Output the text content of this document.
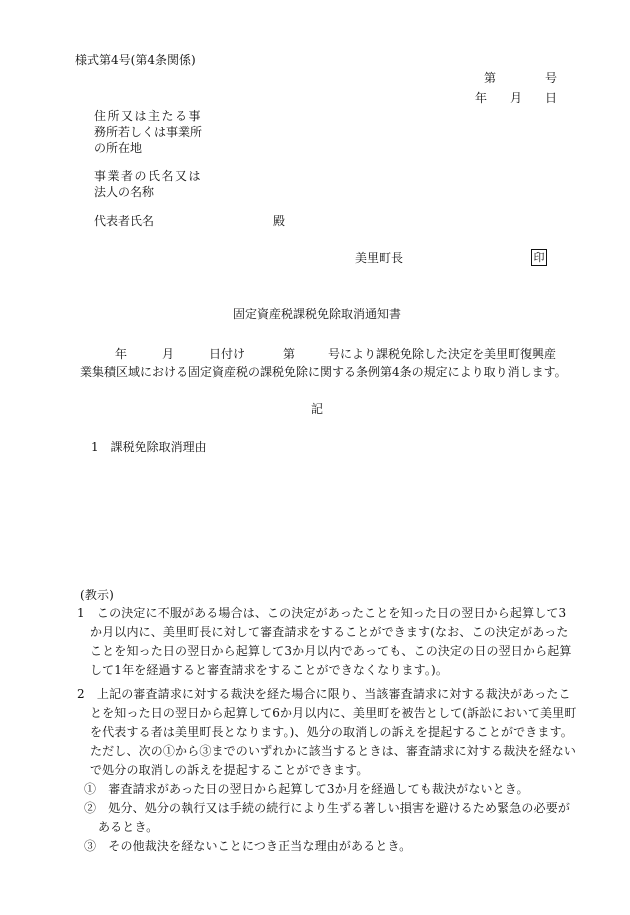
様式第4号(第4条関係)
第	号
年 月 日
住所又は主たる事
務所若しくは事業所
の所在地
事業者の氏名又は
法人の名称
代表者氏名	殿
美里町長	印
固定資産税課税免除取消通知書
年	月	日付け	第	号により課税免除した決定を美里町復興産
業集積区域における固定資産税の課税免除に関する条例第4条の規定により取り消します。
記
1　課税免除取消理由
(教示)
1　この決定に不服がある場合は、この決定があったことを知った日の翌日から起算して3
か月以内に、美里町長に対して審査請求をすることができます(なお、この決定があった
ことを知った日の翌日から起算して3か月以内であっても、この決定の日の翌日から起算
して1年を経過すると審査請求をすることができなくなります。)。
2　上記の審査請求に対する裁決を経た場合に限り、当該審査請求に対する裁決があったこ
とを知った日の翌日から起算して6か月以内に、美里町を被告として(訴訟において美里町
を代表する者は美里町長となります。)、処分の取消しの訴えを提起することができます。
ただし、次の①から③までのいずれかに該当するときは、審査請求に対する裁決を経ない
で処分の取消しの訴えを提起することができます。
①　審査請求があった日の翌日から起算して3か月を経過しても裁決がないとき。
②　処分、処分の執行又は手続の続行により生ずる著しい損害を避けるため緊急の必要が
あるとき。
③　その他裁決を経ないことにつき正当な理由があるとき。
